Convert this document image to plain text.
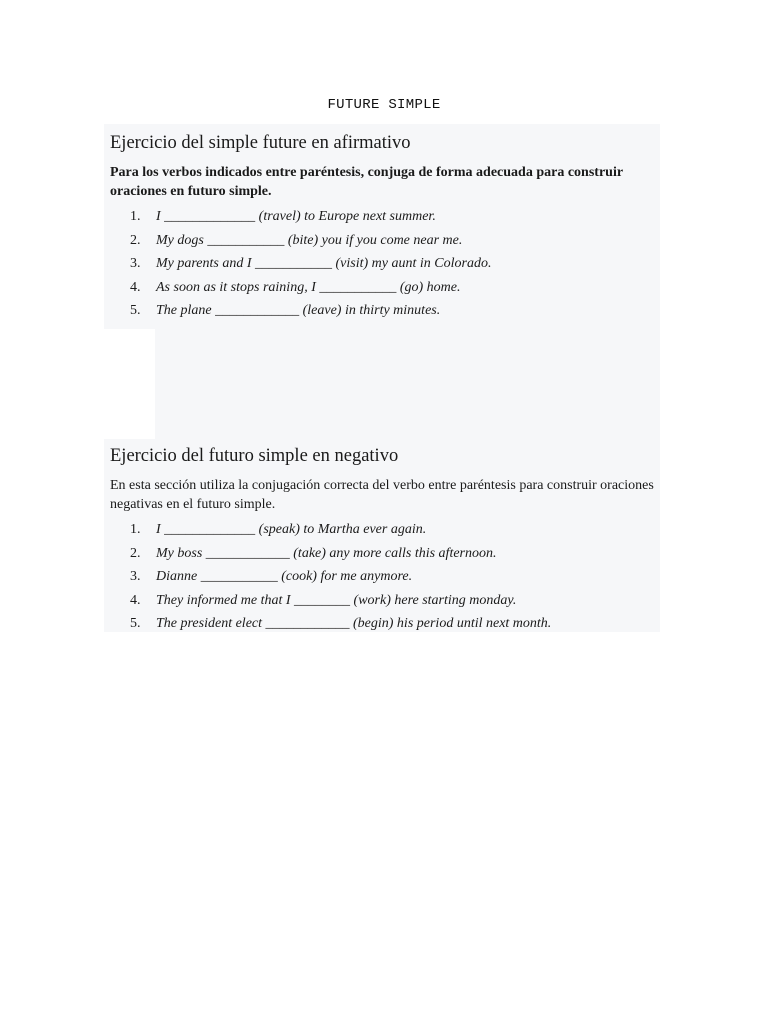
FUTURE SIMPLE
Ejercicio del simple future en afirmativo

Para los verbos indicados entre paréntesis, conjuga de forma adecuada para construir oraciones en futuro simple.

1. I _____________ (travel) to Europe next summer.
2. My dogs ___________ (bite) you if you come near me.
3. My parents and I ___________ (visit) my aunt in Colorado.
4. As soon as it stops raining, I ___________ (go) home.
5. The plane ____________ (leave) in thirty minutes.
Ejercicio del futuro simple en negativo

En esta sección utiliza la conjugación correcta del verbo entre paréntesis para construir oraciones negativas en el futuro simple.

1. I _____________ (speak) to Martha ever again.
2. My boss ____________ (take) any more calls this afternoon.
3. Dianne ___________ (cook) for me anymore.
4. They informed me that I ________ (work) here starting monday.
5. The president elect ____________ (begin) his period until next month.
